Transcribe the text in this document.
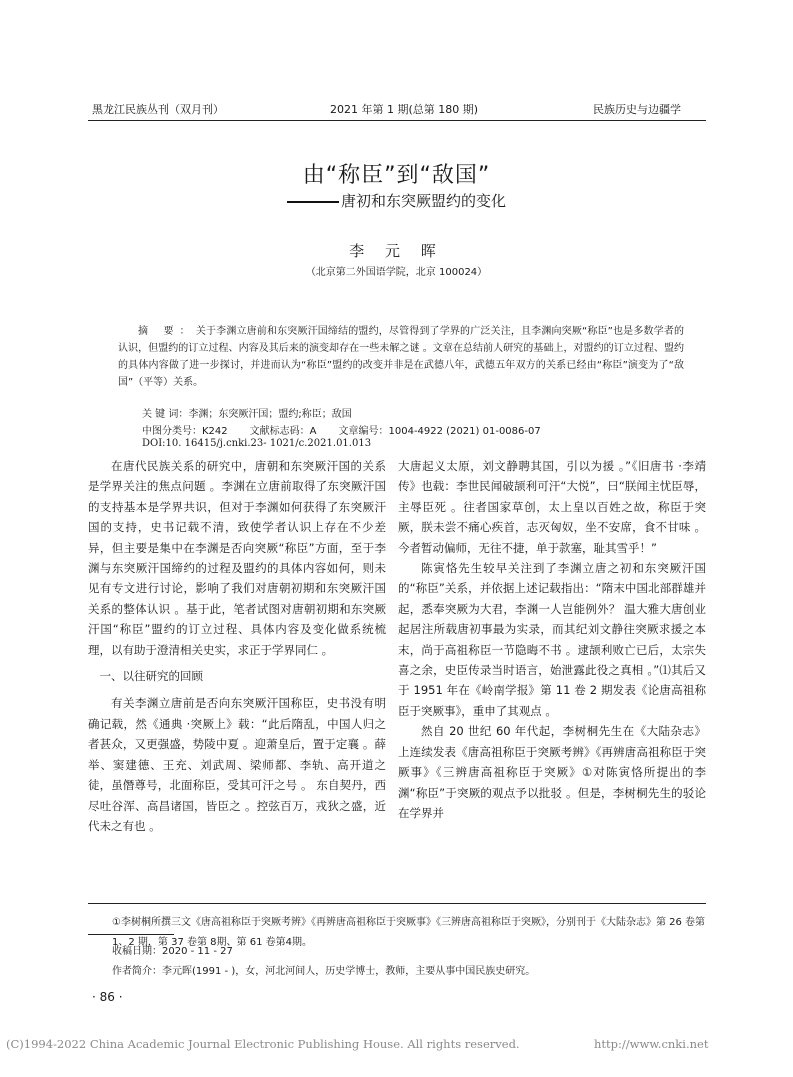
黑龙江民族丛刊（双月刊）	2021 年第 1 期(总第 180 期)	民族历史与边疆学
由“称臣”到“敌国”
唐初和东突厥盟约的变化
李 元 晖
（北京第二外国语学院，北京 100024）

摘 要：关于李渊立唐前和东突厥汗国缔结的盟约，尽管得到了学界的广泛关注，且李渊向突厥“称臣”也是多数学者的认识，但盟约的订立过程、内容及其后来的演变却存在一些未解之谜 。文章在总结前人研究的基础上，对盟约的订立过程、盟约的具体内容做了进一步探讨，并进而认为“称臣”盟约的改变并非是在武德八年，武德五年双方的关系已经由“称臣”演变为了“敌国”（平等）关系。

关 键 词：李渊；东突厥汗国；盟约;称臣；敌国
中图分类号：K242 文献标志码：A 文章编号：1004-4922 (2021) 01-0086-07
DOI:10. 16415/j.cnki.23- 1021/c.2021.01.013

在唐代民族关系的研究中，唐朝和东突厥汗国的关系是学界关注的焦点问题 。李渊在立唐前取得了东突厥汗国的支持基本是学界共识，但对于李渊如何获得了东突厥汗国的支持，史书记载不清，致使学者认识上存在不少差异，但主要是集中在李渊是否向突厥“称臣”方面，至于李渊与东突厥汗国缔约的过程及盟约的具体内容如何，则未见有专文进行讨论，影响了我们对唐朝初期和东突厥汗国关系的整体认识 。基于此，笔者试图对唐朝初期和东突厥汗国“称臣”盟约的订立过程、具体内容及变化做系统梳理，以有助于澄清相关史实，求正于学界同仁 。

一、以往研究的回顾

有关李渊立唐前是否向东突厥汗国称臣，史书没有明确记载，然《通典 ·突厥上》载：“此后隋乱，中国人归之者甚众，又更强盛，势陵中夏 。迎萧皇后，置于定襄 。薛举、窦建德、王充、刘武周、梁师都、李轨、高开道之徒，虽僭尊号，北面称臣，受其可汗之号 。 东自契丹，西尽吐谷浑、高昌诸国，皆臣之 。控弦百万，戎狄之盛，近代未之有也 。

大唐起义太原，刘文静聘其国，引以为援 。”《旧唐书 ·李靖传》也载：李世民闻破颉利可汗“大悦”，曰“朕闻主忧臣辱，主辱臣死 。往者国家草创，太上皇以百姓之故，称臣于突厥，朕未尝不痛心疾首，志灭匈奴，坐不安席，食不甘味 。今者暂动偏师，无往不捷，单于款塞，耻其雪乎！”

陈寅恪先生较早关注到了李渊立唐之初和东突厥汗国的“称臣”关系，并依据上述记载指出：“隋末中国北部群雄并起，悉奉突厥为大君，李渊一人岂能例外？ 温大雅大唐创业起居注所载唐初事最为实录，而其纪刘文静往突厥求援之本末，尚于高祖称臣一节隐晦不书 。逮颉利败亡已后，太宗失喜之余，史臣传录当时语言，始泄露此役之真相 。”⑴其后又于 1951 年在《岭南学报》第 11 卷 2 期发表《论唐高祖称臣于突厥事》，重申了其观点 。

然自 20 世纪 60 年代起，李树桐先生在《大陆杂志》上连续发表《唐高祖称臣于突厥考辨》《再辨唐高祖称臣于突厥事》《三辨唐高祖称臣于突厥》①对陈寅恪所提出的李渊“称臣”于突厥的观点予以批驳 。但是，李树桐先生的驳论在学界并

①李树桐所撰三文《唐高祖称臣于突厥考辨》《再辨唐高祖称臣于突厥事》《三辨唐高祖称臣于突厥》，分别刊于《大陆杂志》第 26 卷第1、2 期，第 37 卷第 8期、第 61 卷第4期。
收稿日期：2020 - 11 - 27
作者简介：李元晖(1991 - )，女，河北河间人，历史学博士，教师，主要从事中国民族史研究。
· 86 ·
(C)1994-2022 China Academic Journal Electronic Publishing House. All rights reserved.	http://www.cnki.net
